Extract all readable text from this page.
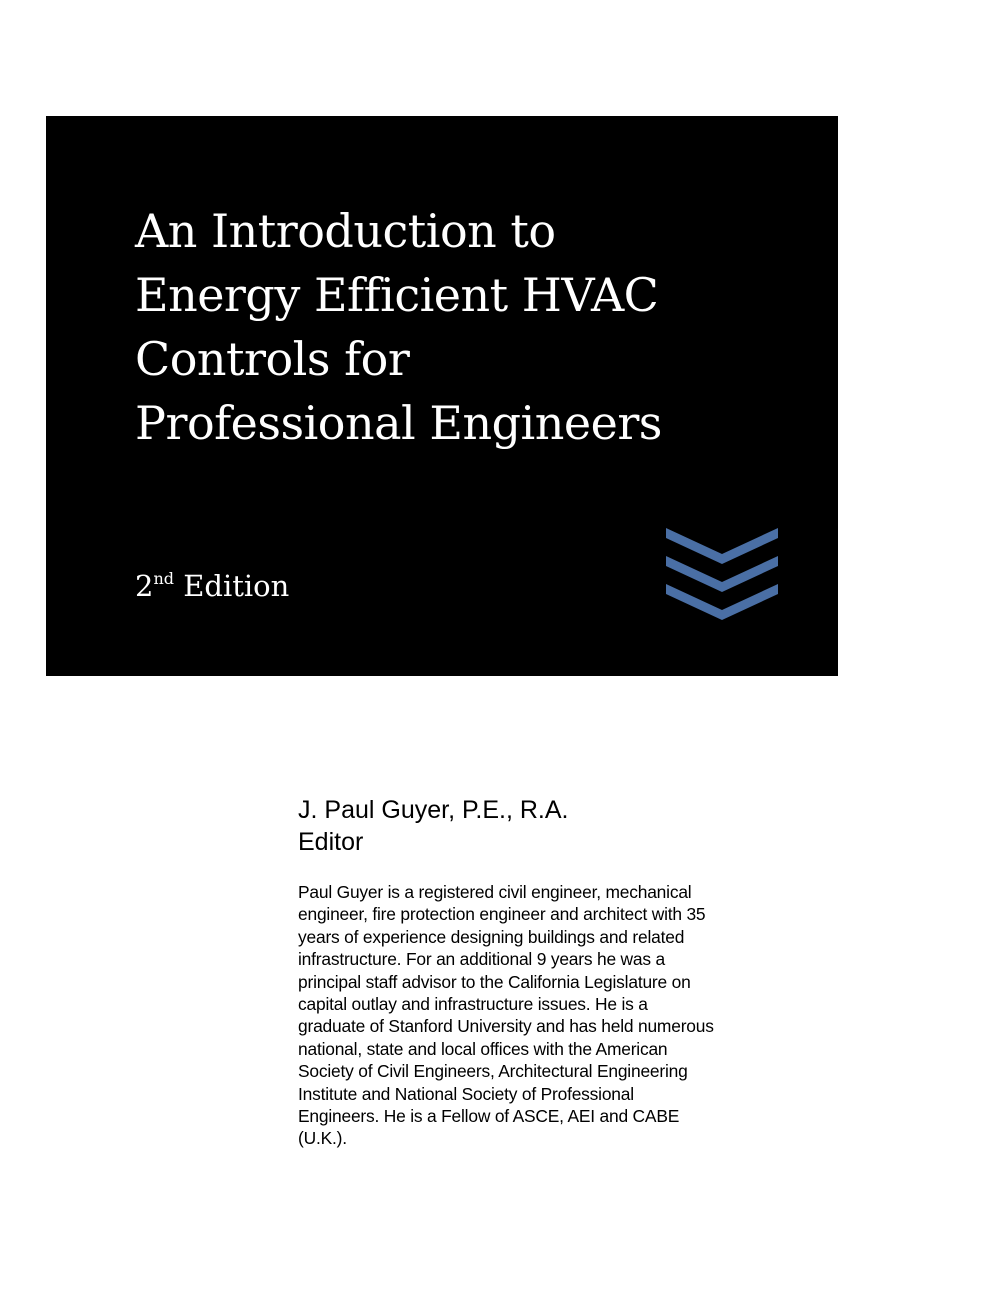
An Introduction to
Energy Efficient HVAC
Controls for
Professional Engineers
2nd Edition
J. Paul Guyer, P.E., R.A.
Editor
Paul Guyer is a registered civil engineer, mechanical
engineer, fire protection engineer and architect with 35
years of experience designing buildings and related
infrastructure. For an additional 9 years he was a
principal staff advisor to the California Legislature on
capital outlay and infrastructure issues. He is a
graduate of Stanford University and has held numerous
national, state and local offices with the American
Society of Civil Engineers, Architectural Engineering
Institute and National Society of Professional
Engineers. He is a Fellow of ASCE, AEI and CABE
(U.K.).
